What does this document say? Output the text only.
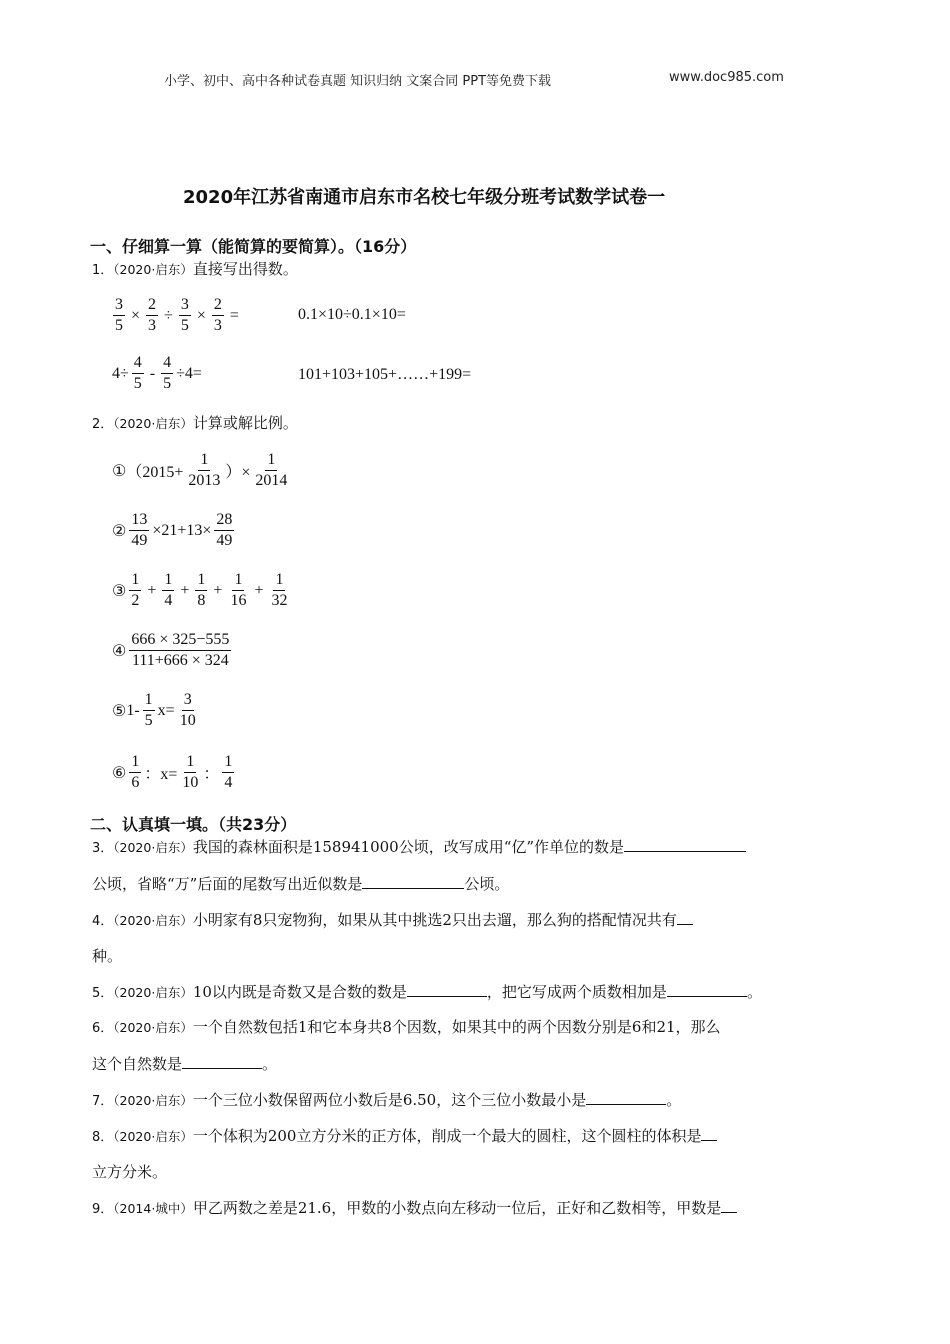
小学、初中、高中各种试卷真题 知识归纳 文案合同 PPT等免费下载	www.doc985.com
2020年江苏省南通市启东市名校七年级分班考试数学试卷一
一、仔细算一算（能简算的要简算）。（16分）
1．（2020·启东）直接写出得数。
$\frac{3}{5} \times \frac{2}{3} \div \frac{3}{5} \times \frac{2}{3}$ =	0.1×10÷0.1×10=
$4\div \frac{4}{5} - \frac{4}{5} \div 4=$	101+103+105+……+199=
2．（2020·启东）计算或解比例。
① （$2015+ \frac{1}{2013}$ ）× $\frac{1}{2014}$
② $\frac{13}{49} \times 21+13\times \frac{28}{49}$
③ $\frac{1}{2} + \frac{1}{4} + \frac{1}{8} + \frac{1}{16} + \frac{1}{32}$
④ $\frac{666 \times 325-555}{111+666 \times 324}$
⑤ $1- \frac{1}{5} x= \frac{3}{10}$
⑥ $\frac{1}{6}$ ：$x= \frac{1}{10}$ ： $\frac{1}{4}$
二、认真填一填。（共23分）
3．（2020·启东）我国的森林面积是158941000公顷，改写成用“亿”作单位的数是
公顷，省略“万”后面的尾数写出近似数是	公顷。
4．（2020·启东）小明家有8只宠物狗，如果从其中挑选2只出去遛，那么狗的搭配情况共有
种。
5．（2020·启东）10以内既是奇数又是合数的数是	，把它写成两个质数相加是	。
6．（2020·启东）一个自然数包括1和它本身共8个因数，如果其中的两个因数分别是6和21，那么
这个自然数是	。
7．（2020·启东）一个三位小数保留两位小数后是6.50，这个三位小数最小是	。
8．（2020·启东）一个体积为200立方分米的正方体，削成一个最大的圆柱，这个圆柱的体积是
立方分米。
9．（2014·城中）甲乙两数之差是21.6，甲数的小数点向左移动一位后，正好和乙数相等，甲数是
